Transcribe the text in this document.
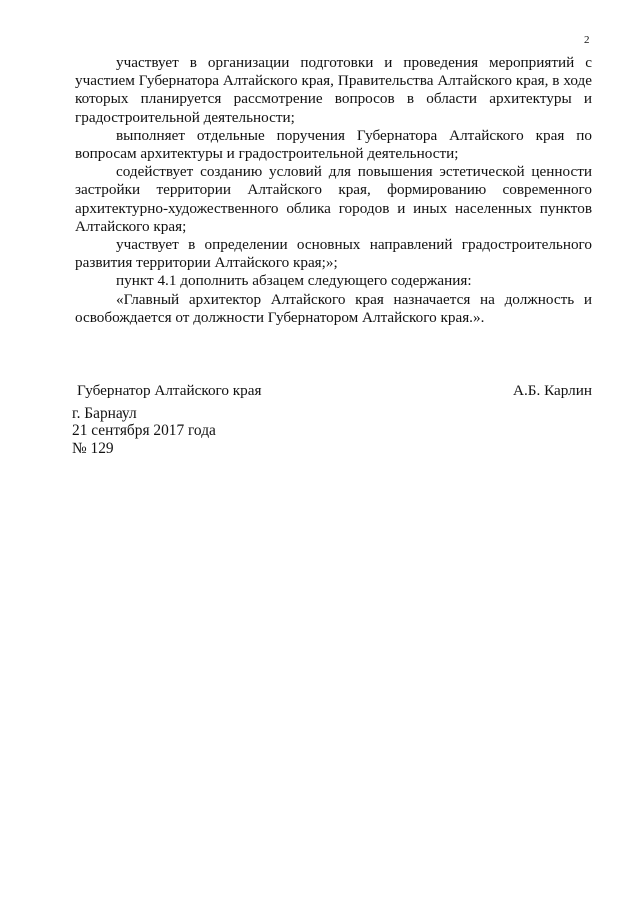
2

участвует в организации подготовки и проведения мероприятий с участием Губернатора Алтайского края, Правительства Алтайского края, в ходе которых планируется рассмотрение вопросов в области архитектуры и градостроительной деятельности;

выполняет отдельные поручения Губернатора Алтайского края по вопросам архитектуры и градостроительной деятельности;

содействует созданию условий для повышения эстетической ценности застройки территории Алтайского края, формированию современного архитектурно-художественного облика городов и иных населенных пунктов Алтайского края;

участвует в определении основных направлений градостроительного развития территории Алтайского края;»;

пункт 4.1 дополнить абзацем следующего содержания:

«Главный архитектор Алтайского края назначается на должность и освобождается от должности Губернатором Алтайского края.».

Губернатор Алтайского края	А.Б. Карлин
г. Барнаул
21 сентября 2017 года
№ 129
